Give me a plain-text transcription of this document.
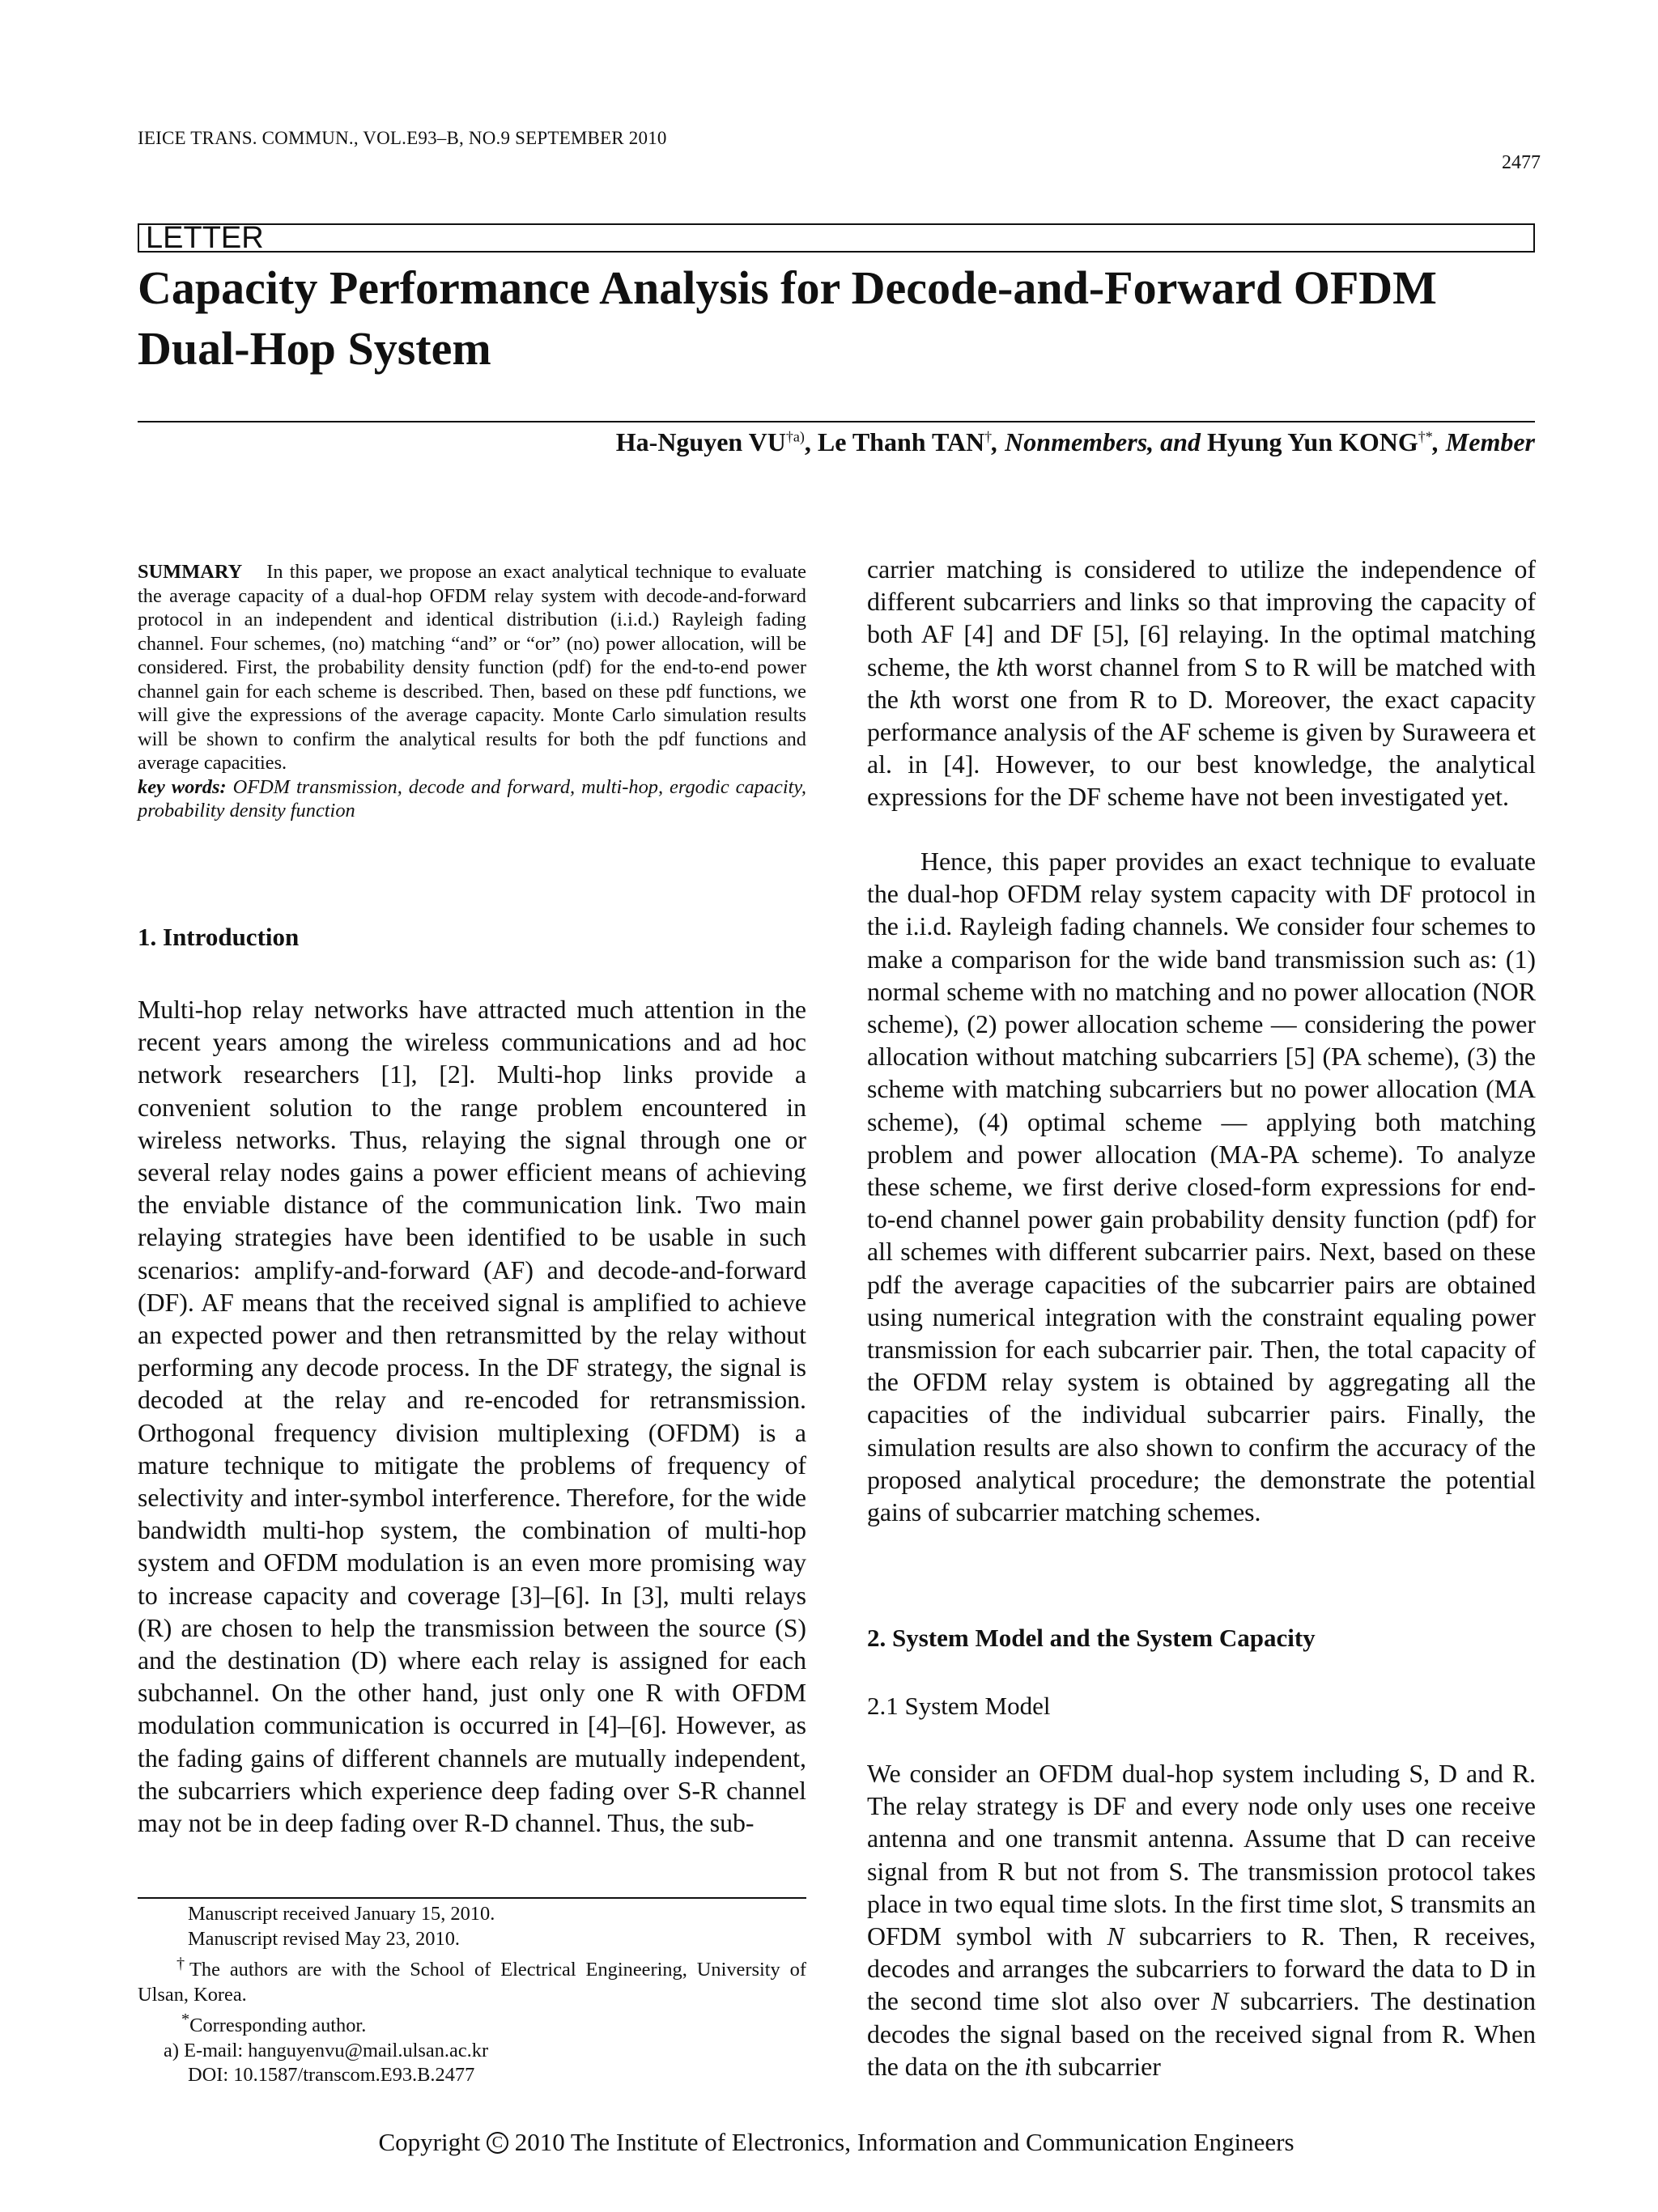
IEICE TRANS. COMMUN., VOL.E93–B, NO.9 SEPTEMBER 2010
2477
LETTER
Capacity Performance Analysis for Decode-and-Forward OFDM Dual-Hop System
Ha-Nguyen VU$^{\dagger a)}$, Le Thanh TAN†, Nonmembers, and Hyung Yun KONG†*, Member

SUMMARY In this paper, we propose an exact analytical technique to evaluate the average capacity of a dual-hop OFDM relay system with decode-and-forward protocol in an independent and identical distribution (i.i.d.) Rayleigh fading channel. Four schemes, (no) matching “and” or “or” (no) power allocation, will be considered. First, the probability density function (pdf) for the end-to-end power channel gain for each scheme is described. Then, based on these pdf functions, we will give the expressions of the average capacity. Monte Carlo simulation results will be shown to confirm the analytical results for both the pdf functions and average capacities.

key words: OFDM transmission, decode and forward, multi-hop, ergodic capacity, probability density function

1. Introduction
Multi-hop relay networks have attracted much attention in the recent years among the wireless communications and ad hoc network researchers [1], [2]. Multi-hop links provide a convenient solution to the range problem encountered in wireless networks. Thus, relaying the signal through one or several relay nodes gains a power efficient means of achieving the enviable distance of the communication link. Two main relaying strategies have been identified to be usable in such scenarios: amplify-and-forward (AF) and decode-and-forward (DF). AF means that the received signal is amplified to achieve an expected power and then retransmitted by the relay without performing any decode process. In the DF strategy, the signal is decoded at the relay and re-encoded for retransmission. Orthogonal frequency division multiplexing (OFDM) is a mature technique to mitigate the problems of frequency of selectivity and inter-symbol interference. Therefore, for the wide bandwidth multi-hop system, the combination of multi-hop system and OFDM modulation is an even more promising way to increase capacity and coverage [3]–[6]. In [3], multi relays (R) are chosen to help the transmission between the source (S) and the destination (D) where each relay is assigned for each subchannel. On the other hand, just only one R with OFDM modulation communication is occurred in [4]–[6]. However, as the fading gains of different channels are mutually independent, the subcarriers which experience deep fading over S-R channel may not be in deep fading over R-D channel. Thus, the sub-

Manuscript received January 15, 2010.

Manuscript revised May 23, 2010.

†The authors are with the School of Electrical Engineering, University of Ulsan, Korea.

*Corresponding author.

a) E-mail: hanguyenvu@mail.ulsan.ac.kr

DOI: 10.1587/transcom.E93.B.2477

carrier matching is considered to utilize the independence of different subcarriers and links so that improving the capacity of both AF [4] and DF [5], [6] relaying. In the optimal matching scheme, the kth worst channel from S to R will be matched with the kth worst one from R to D. Moreover, the exact capacity performance analysis of the AF scheme is given by Suraweera et al. in [4]. However, to our best knowledge, the analytical expressions for the DF scheme have not been investigated yet.
Hence, this paper provides an exact technique to evaluate the dual-hop OFDM relay system capacity with DF protocol in the i.i.d. Rayleigh fading channels. We consider four schemes to make a comparison for the wide band transmission such as: (1) normal scheme with no matching and no power allocation (NOR scheme), (2) power allocation scheme — considering the power allocation without matching subcarriers [5] (PA scheme), (3) the scheme with matching subcarriers but no power allocation (MA scheme), (4) optimal scheme — applying both matching problem and power allocation (MA-PA scheme). To analyze these scheme, we first derive closed-form expressions for end-to-end channel power gain probability density function (pdf) for all schemes with different subcarrier pairs. Next, based on these pdf the average capacities of the subcarrier pairs are obtained using numerical integration with the constraint equaling power transmission for each subcarrier pair. Then, the total capacity of the OFDM relay system is obtained by aggregating all the capacities of the individual subcarrier pairs. Finally, the simulation results are also shown to confirm the accuracy of the proposed analytical procedure; the demonstrate the potential gains of subcarrier matching schemes.
2. System Model and the System Capacity
2.1 System Model
We consider an OFDM dual-hop system including S, D and R. The relay strategy is DF and every node only uses one receive antenna and one transmit antenna. Assume that D can receive signal from R but not from S. The transmission protocol takes place in two equal time slots. In the first time slot, S transmits an OFDM symbol with N subcarriers to R. Then, R receives, decodes and arranges the subcarriers to forward the data to D in the second time slot also over N subcarriers. The destination decodes the signal based on the received signal from R. When the data on the ith subcarrier
Copyright C 2010 The Institute of Electronics, Information and Communication Engineers
